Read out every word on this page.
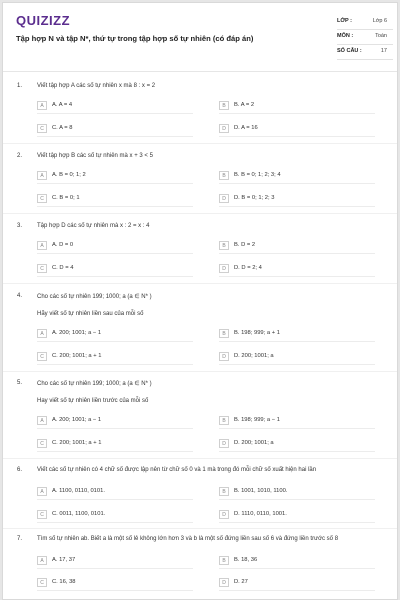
QUIZIZZ
Tập hợp N và tập N*, thứ tự trong tập hợp số tự nhiên (có đáp án)
LỚP :	Lớp 6
MÔN :	Toán
SỐ CÂU :	17
1. Viết tập hợp A các số tự nhiên x mà 8 : x = 2
A	A. A = 4	B	B. A = 2
C	C. A = 8	D	D. A = 16
2. Viết tập hợp B các số tự nhiên mà x + 3 < 5
A	A. B = 0; 1; 2	B	B. B = 0; 1; 2; 3; 4
C	C. B = 0; 1	D	D. B = 0; 1; 2; 3
3. Tập hợp D các số tự nhiên mà x : 2 = x : 4
A	A. D = 0	B	B. D = 2
C	C. D = 4	D	D. D = 2; 4
4. Cho các số tự nhiên 199; 1000; a (a ∈ N* )
Hãy viết số tự nhiên liền sau của mỗi số
A	A. 200; 1001; a − 1	B	B. 198; 999; a + 1
C	C. 200; 1001; a + 1	D	D. 200; 1001; a
5. Cho các số tự nhiên 199; 1000; a (a ∈ N* )
Hay viết số tự nhiên liền trước của mỗi số
A	A. 200; 1001; a − 1	B	B. 198; 999; a − 1
C	C. 200; 1001; a + 1	D	D. 200; 1001; a
6. Viết các số tự nhiên có 4 chữ số được lập nên từ chữ số 0 và 1 mà trong đó mỗi chữ số xuất hiện hai lần
A	A. 1100, 0110, 0101.	B	B. 1001, 1010, 1100.
C	C. 0011, 1100, 0101.	D	D. 1110, 0110, 1001.
7. Tìm số tự nhiên ab. Biết a là một số lẻ không lớn hơn 3 và b là một số đứng liền sau số 6 và đứng liền trước số 8
A	A. 17, 37	B	B. 18, 36
C	C. 16, 38	D	D. 27
